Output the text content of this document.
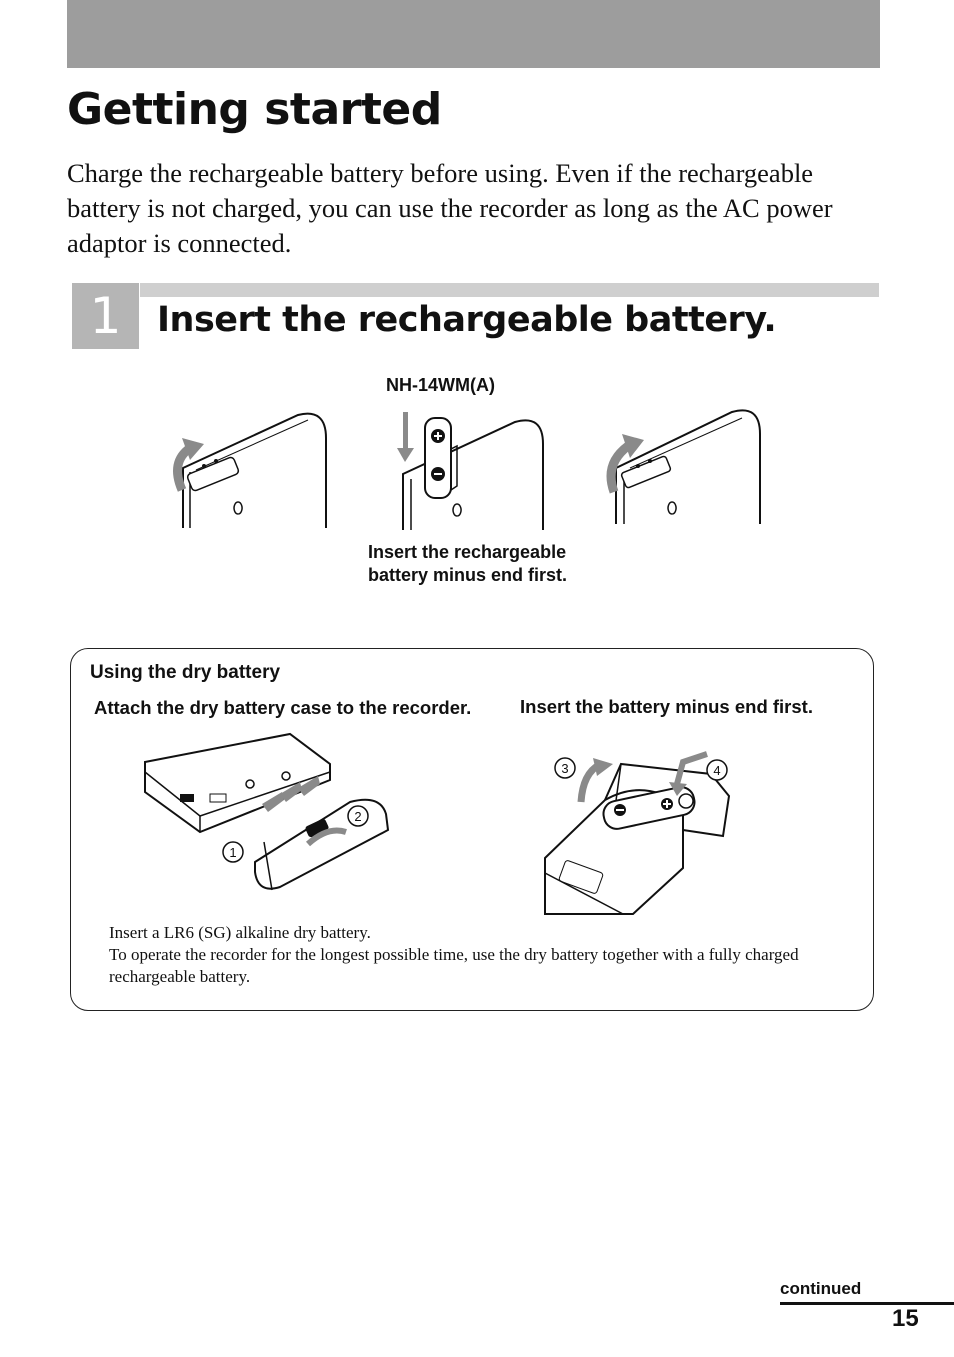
Getting started

Charge the rechargeable battery before using. Even if the rechargeable battery is not charged, you can use the recorder as long as the AC power adaptor is connected.

1	Insert the rechargeable battery.
NH-14WM(A)
Insert the rechargeable
battery minus end first.
Using the dry battery
Attach the dry battery case to the recorder.	Insert the battery minus end first.
1
2
3	4
Insert a LR6 (SG) alkaline dry battery.
To operate the recorder for the longest possible time, use the dry battery together with a fully charged rechargeable battery.
continued
15
